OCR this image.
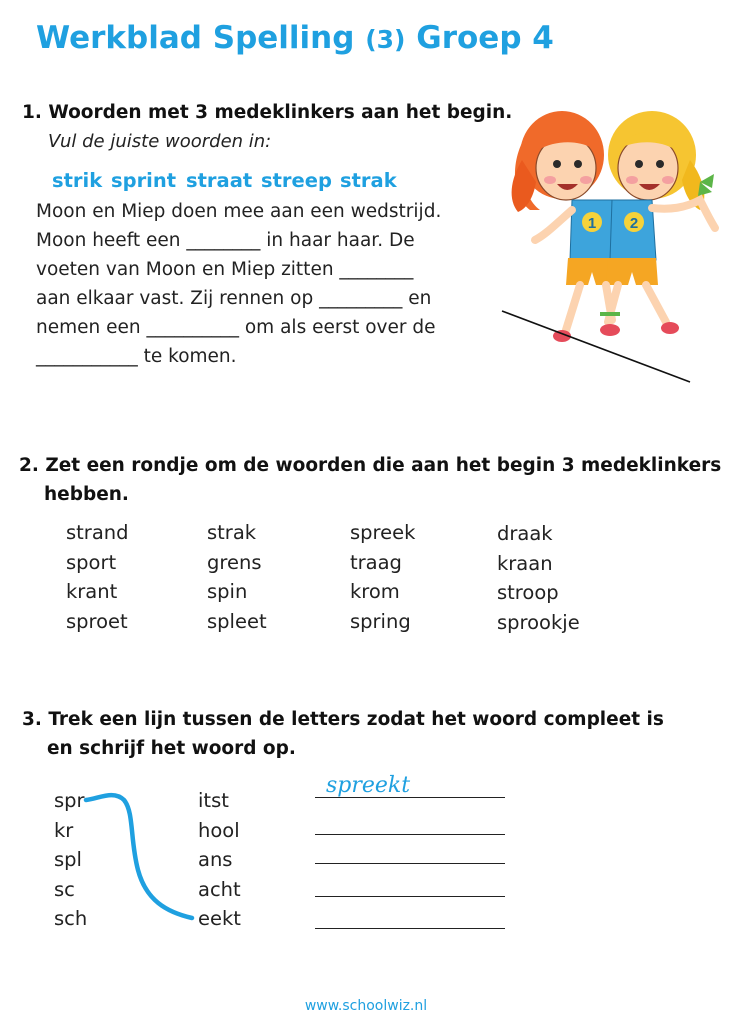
Werkblad Spelling (3) Groep 4
1. Woorden met 3 medeklinkers aan het begin.
Vul de juiste woorden in:
strik sprint straat streep strak
Moon en Miep doen mee aan een wedstrijd.
Moon heeft een ________ in haar haar. De
voeten van Moon en Miep zitten ________
aan elkaar vast. Zij rennen op _________ en
nemen een __________ om als eerst over de
___________ te komen.
1 2
2. Zet een rondje om de woorden die aan het begin 3 medeklinkers
hebben.
strand
sport
krant
sproet
strak
grens
spin
spleet
spreek
traag
krom
spring
draak
kraan
stroop
sprookje
3. Trek een lijn tussen de letters zodat het woord compleet is
en schrijf het woord op.
spr
kr
spl
sc
sch
itst
hool
ans
acht
eekt
spreekt
www.schoolwiz.nl
